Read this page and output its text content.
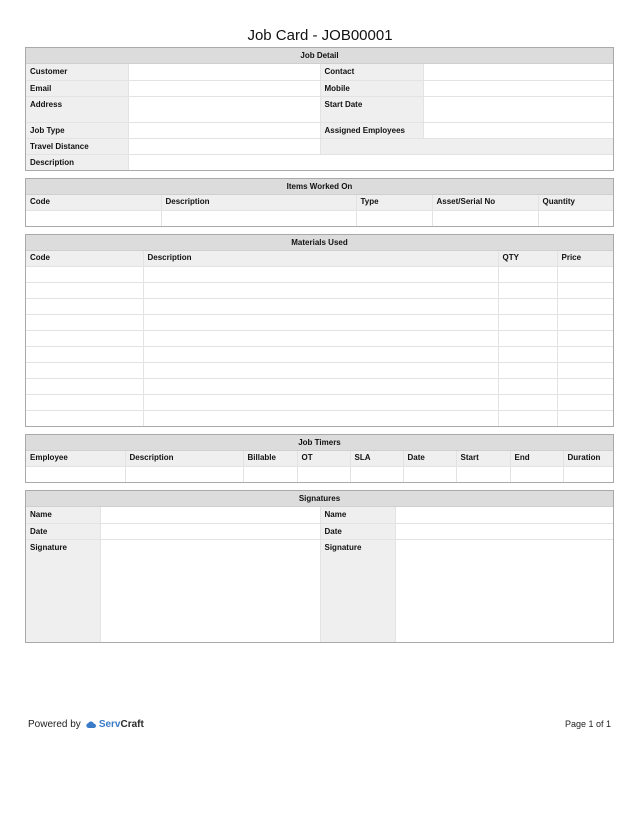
Job Card - JOB00001
Job Detail
Customer		Contact	
Email		Mobile	
Address		Start Date	
Job Type		Assigned Employees	
Travel Distance			
Description			
Items Worked On
Code	Description	Type	Asset/Serial No	Quantity

Materials Used
Code	Description	QTY	Price

Job Timers
Employee	Description	Billable	OT	SLA	Date	Start	End	Duration

Signatures
Name		Name	
Date		Date	
Signature		Signature	
Powered by Serv Craft	Page 1 of 1
